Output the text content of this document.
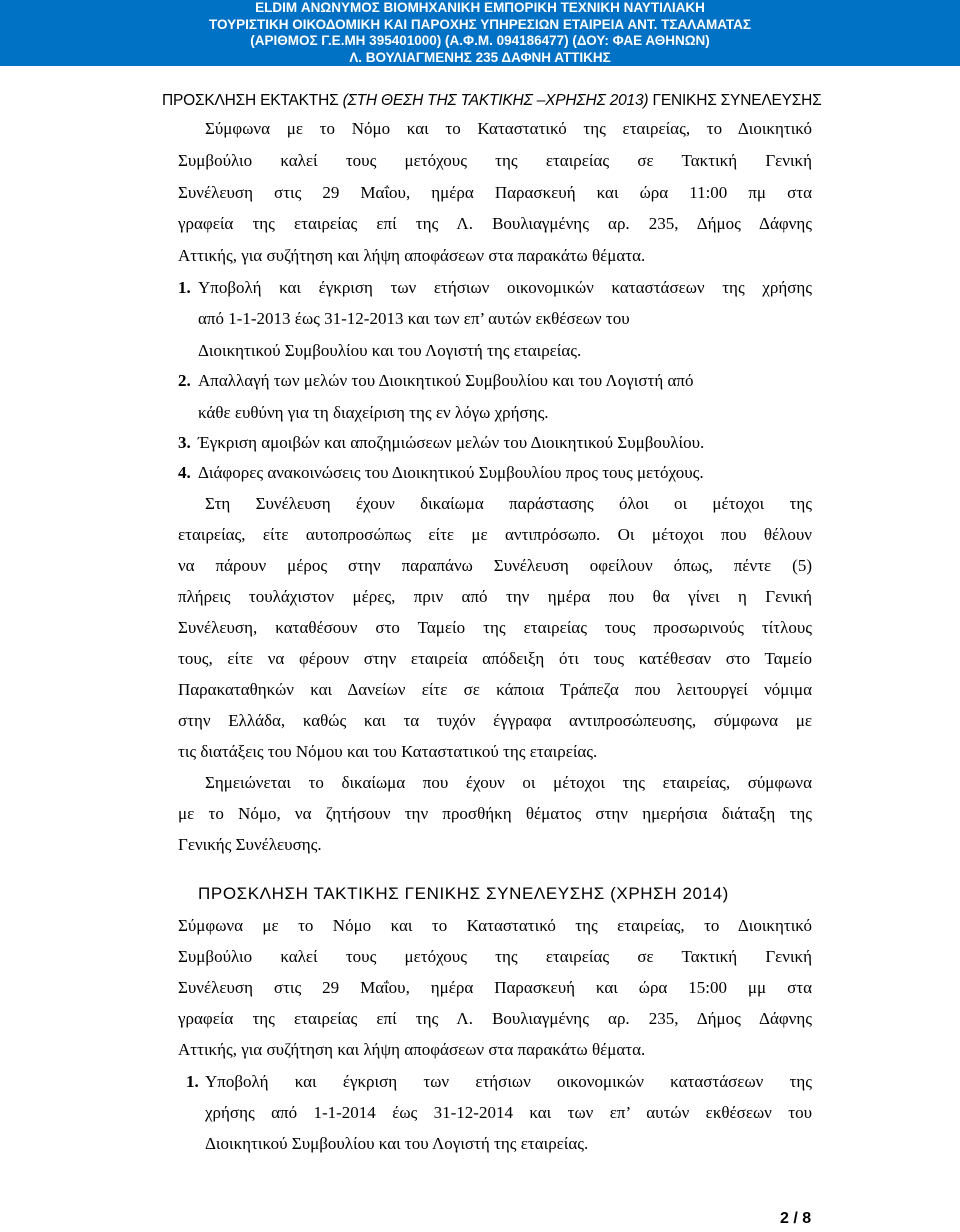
ELDIM ΑΝΩΝΥΜΟΣ ΒΙΟΜΗΧΑΝΙΚΗ ΕΜΠΟΡΙΚΗ ΤΕΧΝΙΚΗ ΝΑΥΤΙΛΙΑΚΗ
ΤΟΥΡΙΣΤΙΚΗ ΟΙΚΟΔΟΜΙΚΗ ΚΑΙ ΠΑΡΟΧΗΣ ΥΠΗΡΕΣΙΩΝ ΕΤΑΙΡΕΙΑ ΑΝΤ. ΤΣΑΛΑΜΑΤΑΣ
(ΑΡΙΘΜΟΣ Γ.Ε.ΜΗ 395401000) (Α.Φ.Μ. 094186477) (ΔΟΥ: ΦΑΕ ΑΘΗΝΩΝ)
Λ. ΒΟΥΛΙΑΓΜΕΝΗΣ 235 ΔΑΦΝΗ ΑΤΤΙΚΗΣ
ΠΡΟΣΚΛΗΣΗ ΕΚΤΑΚΤΗΣ (ΣΤΗ ΘΕΣΗ ΤΗΣ ΤΑΚΤΙΚΗΣ –ΧΡΗΣΗΣ 2013) ΓΕΝΙΚΗΣ ΣΥΝΕΛΕΥΣΗΣ
Σύμφωνα με το Νόμο και το Καταστατικό της εταιρείας, το Διοικητικό
Συμβούλιο καλεί τους μετόχους της εταιρείας σε Τακτική Γενική
Συνέλευση στις 29 Μαΐου, ημέρα Παρασκευή και ώρα 11:00 πμ στα
γραφεία της εταιρείας επί της Λ. Βουλιαγμένης αρ. 235, Δήμος Δάφνης
Αττικής, για συζήτηση και λήψη αποφάσεων στα παρακάτω θέματα.
1. Υποβολή και έγκριση των ετήσιων οικονομικών καταστάσεων της χρήσης
από 1-1-2013 έως 31-12-2013 και των επ’ αυτών εκθέσεων του
Διοικητικού Συμβουλίου και του Λογιστή της εταιρείας.
2. Απαλλαγή των μελών του Διοικητικού Συμβουλίου και του Λογιστή από
κάθε ευθύνη για τη διαχείριση της εν λόγω χρήσης.
3. Έγκριση αμοιβών και αποζημιώσεων μελών του Διοικητικού Συμβουλίου.
4. Διάφορες ανακοινώσεις του Διοικητικού Συμβουλίου προς τους μετόχους.
Στη Συνέλευση έχουν δικαίωμα παράστασης όλοι οι μέτοχοι της
εταιρείας, είτε αυτοπροσώπως είτε με αντιπρόσωπο. Οι μέτοχοι που θέλουν
να πάρουν μέρος στην παραπάνω Συνέλευση οφείλουν όπως, πέντε (5)
πλήρεις τουλάχιστον μέρες, πριν από την ημέρα που θα γίνει η Γενική
Συνέλευση, καταθέσουν στο Ταμείο της εταιρείας τους προσωρινούς τίτλους
τους, είτε να φέρουν στην εταιρεία απόδειξη ότι τους κατέθεσαν στο Ταμείο
Παρακαταθηκών και Δανείων είτε σε κάποια Τράπεζα που λειτουργεί νόμιμα
στην Ελλάδα, καθώς και τα τυχόν έγγραφα αντιπροσώπευσης, σύμφωνα με
τις διατάξεις του Νόμου και του Καταστατικού της εταιρείας.
Σημειώνεται το δικαίωμα που έχουν οι μέτοχοι της εταιρείας, σύμφωνα
με το Νόμο, να ζητήσουν την προσθήκη θέματος στην ημερήσια διάταξη της
Γενικής Συνέλευσης.
ΠΡΟΣΚΛΗΣΗ ΤΑΚΤΙΚΗΣ ΓΕΝΙΚΗΣ ΣΥΝΕΛΕΥΣΗΣ (ΧΡΗΣΗ 2014)
Σύμφωνα με το Νόμο και το Καταστατικό της εταιρείας, το Διοικητικό
Συμβούλιο καλεί τους μετόχους της εταιρείας σε Τακτική Γενική
Συνέλευση στις 29 Μαΐου, ημέρα Παρασκευή και ώρα 15:00 μμ στα
γραφεία της εταιρείας επί της Λ. Βουλιαγμένης αρ. 235, Δήμος Δάφνης
Αττικής, για συζήτηση και λήψη αποφάσεων στα παρακάτω θέματα.
1. Υποβολή και έγκριση των ετήσιων οικονομικών καταστάσεων της
χρήσης από 1-1-2014 έως 31-12-2014 και των επ’ αυτών εκθέσεων του
Διοικητικού Συμβουλίου και του Λογιστή της εταιρείας.
2 / 8
